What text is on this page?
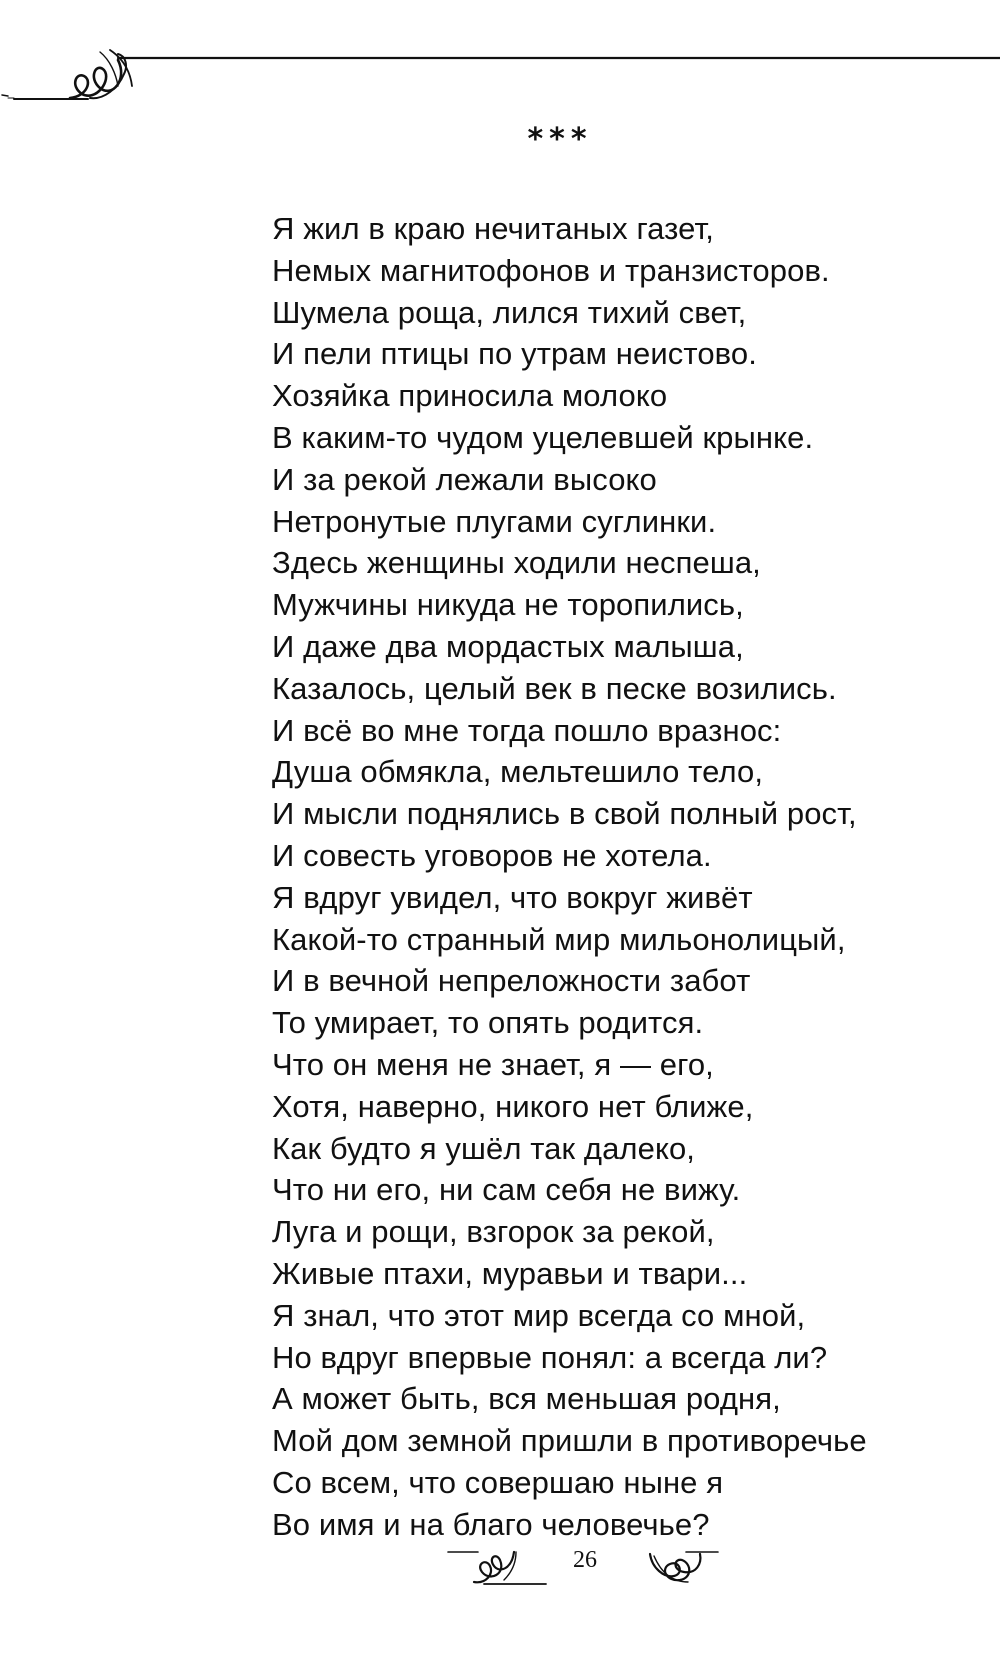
***
Я жил в краю нечитаных газет,
Немых магнитофонов и транзисторов.
Шумела роща, лился тихий свет,
И пели птицы по утрам неистово.
Хозяйка приносила молоко
В каким-то чудом уцелевшей крынке.
И за рекой лежали высоко
Нетронутые плугами суглинки.
Здесь женщины ходили неспеша,
Мужчины никуда не торопились,
И даже два мордастых малыша,
Казалось, целый век в песке возились.
И всё во мне тогда пошло вразнос:
Душа обмякла, мельтешило тело,
И мысли поднялись в свой полный рост,
И совесть уговоров не хотела.
Я вдруг увидел, что вокруг живёт
Какой-то странный мир мильонолицый,
И в вечной непреложности забот
То умирает, то опять родится.
Что он меня не знает, я — его,
Хотя, наверно, никого нет ближе,
Как будто я ушёл так далеко,
Что ни его, ни сам себя не вижу.
Луга и рощи, взгорок за рекой,
Живые птахи, муравьи и твари...
Я знал, что этот мир всегда со мной,
Но вдруг впервые понял: а всегда ли?
А может быть, вся меньшая родня,
Мой дом земной пришли в противоречье
Со всем, что совершаю ныне я
Во имя и на благо человечье?
26
